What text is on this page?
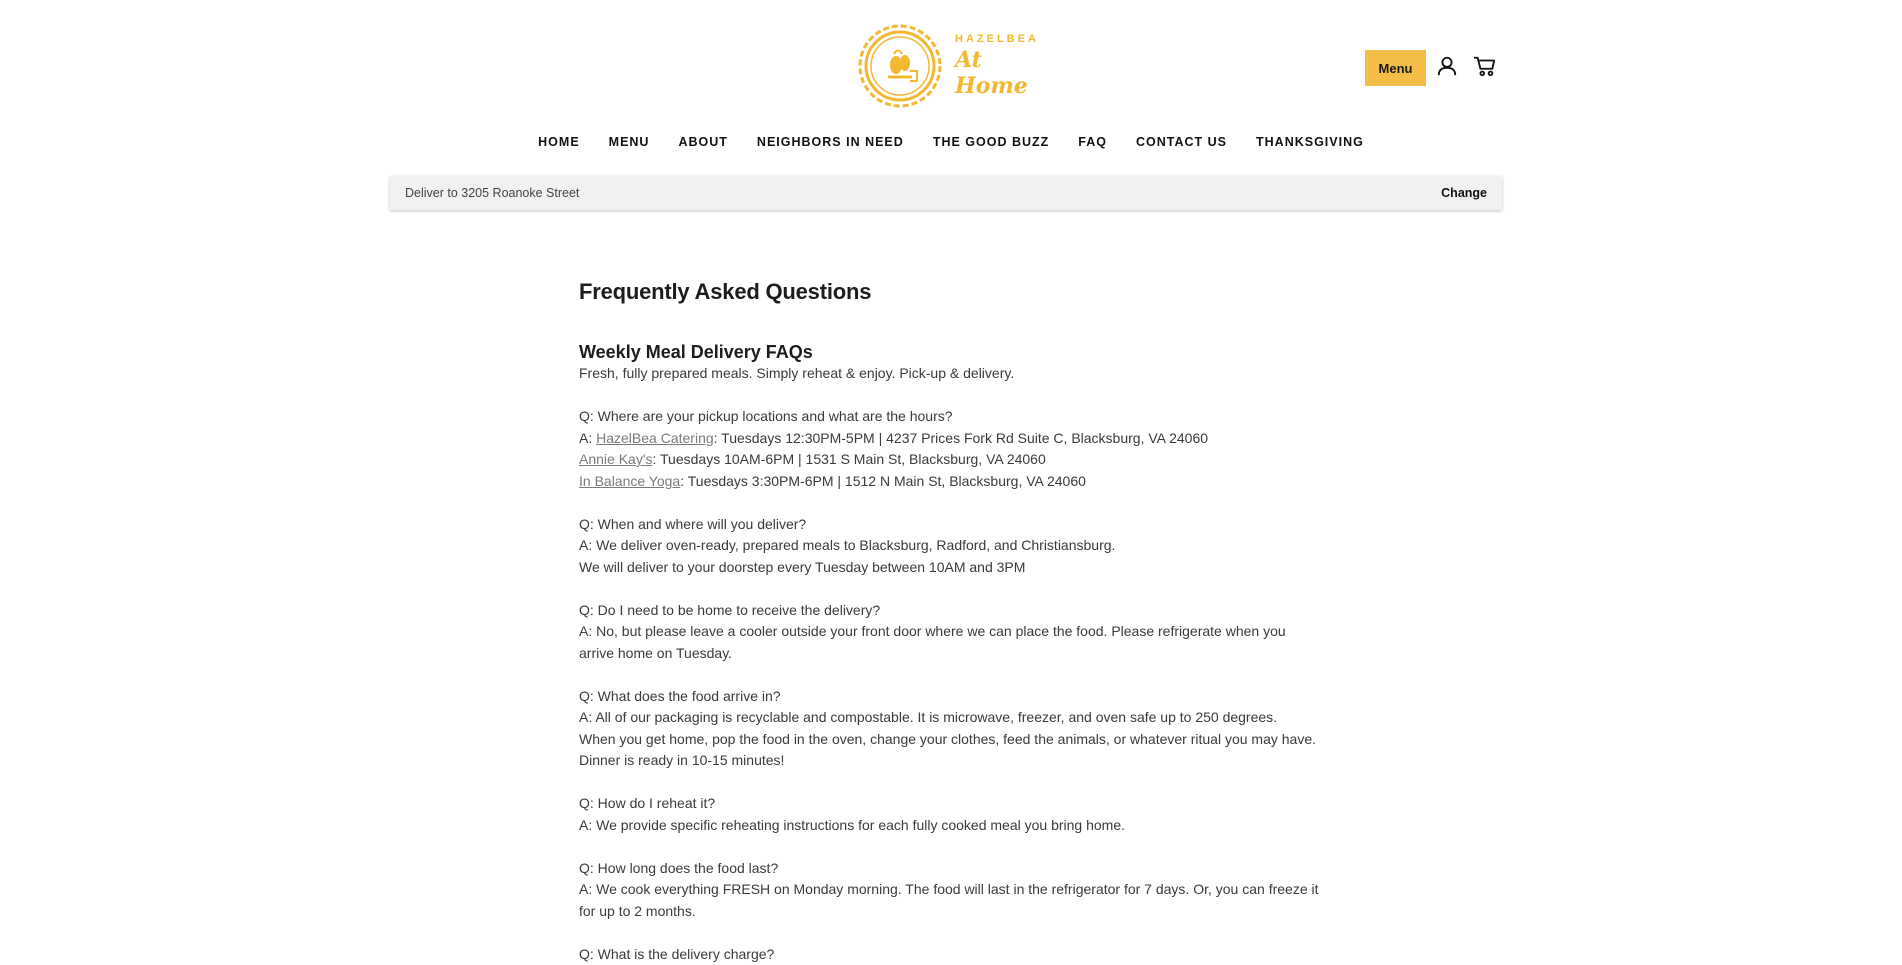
HAZELBEA
At Home
Menu
HOME	MENU	ABOUT	NEIGHBORS IN NEED	THE GOOD BUZZ	FAQ	CONTACT US	THANKSGIVING
Deliver to 3205 Roanoke Street	Change
Frequently Asked Questions
Weekly Meal Delivery FAQs

Fresh, fully prepared meals. Simply reheat & enjoy. Pick-up & delivery.

Q: Where are your pickup locations and what are the hours?

A: HazelBea Catering: Tuesdays 12:30PM-5PM | 4237 Prices Fork Rd Suite C, Blacksburg, VA 24060

Annie Kay's: Tuesdays 10AM-6PM | 1531 S Main St, Blacksburg, VA 24060

In Balance Yoga: Tuesdays 3:30PM-6PM | 1512 N Main St, Blacksburg, VA 24060

Q: When and where will you deliver?

A: We deliver oven-ready, prepared meals to Blacksburg, Radford, and Christiansburg.

We will deliver to your doorstep every Tuesday between 10AM and 3PM

Q: Do I need to be home to receive the delivery?

A: No, but please leave a cooler outside your front door where we can place the food. Please refrigerate when you

arrive home on Tuesday.

Q: What does the food arrive in?

A: All of our packaging is recyclable and compostable. It is microwave, freezer, and oven safe up to 250 degrees.

When you get home, pop the food in the oven, change your clothes, feed the animals, or whatever ritual you may have.

Dinner is ready in 10-15 minutes!

Q: How do I reheat it?

A: We provide specific reheating instructions for each fully cooked meal you bring home.

Q: How long does the food last?

A: We cook everything FRESH on Monday morning. The food will last in the refrigerator for 7 days. Or, you can freeze it

for up to 2 months.

Q: What is the delivery charge?
